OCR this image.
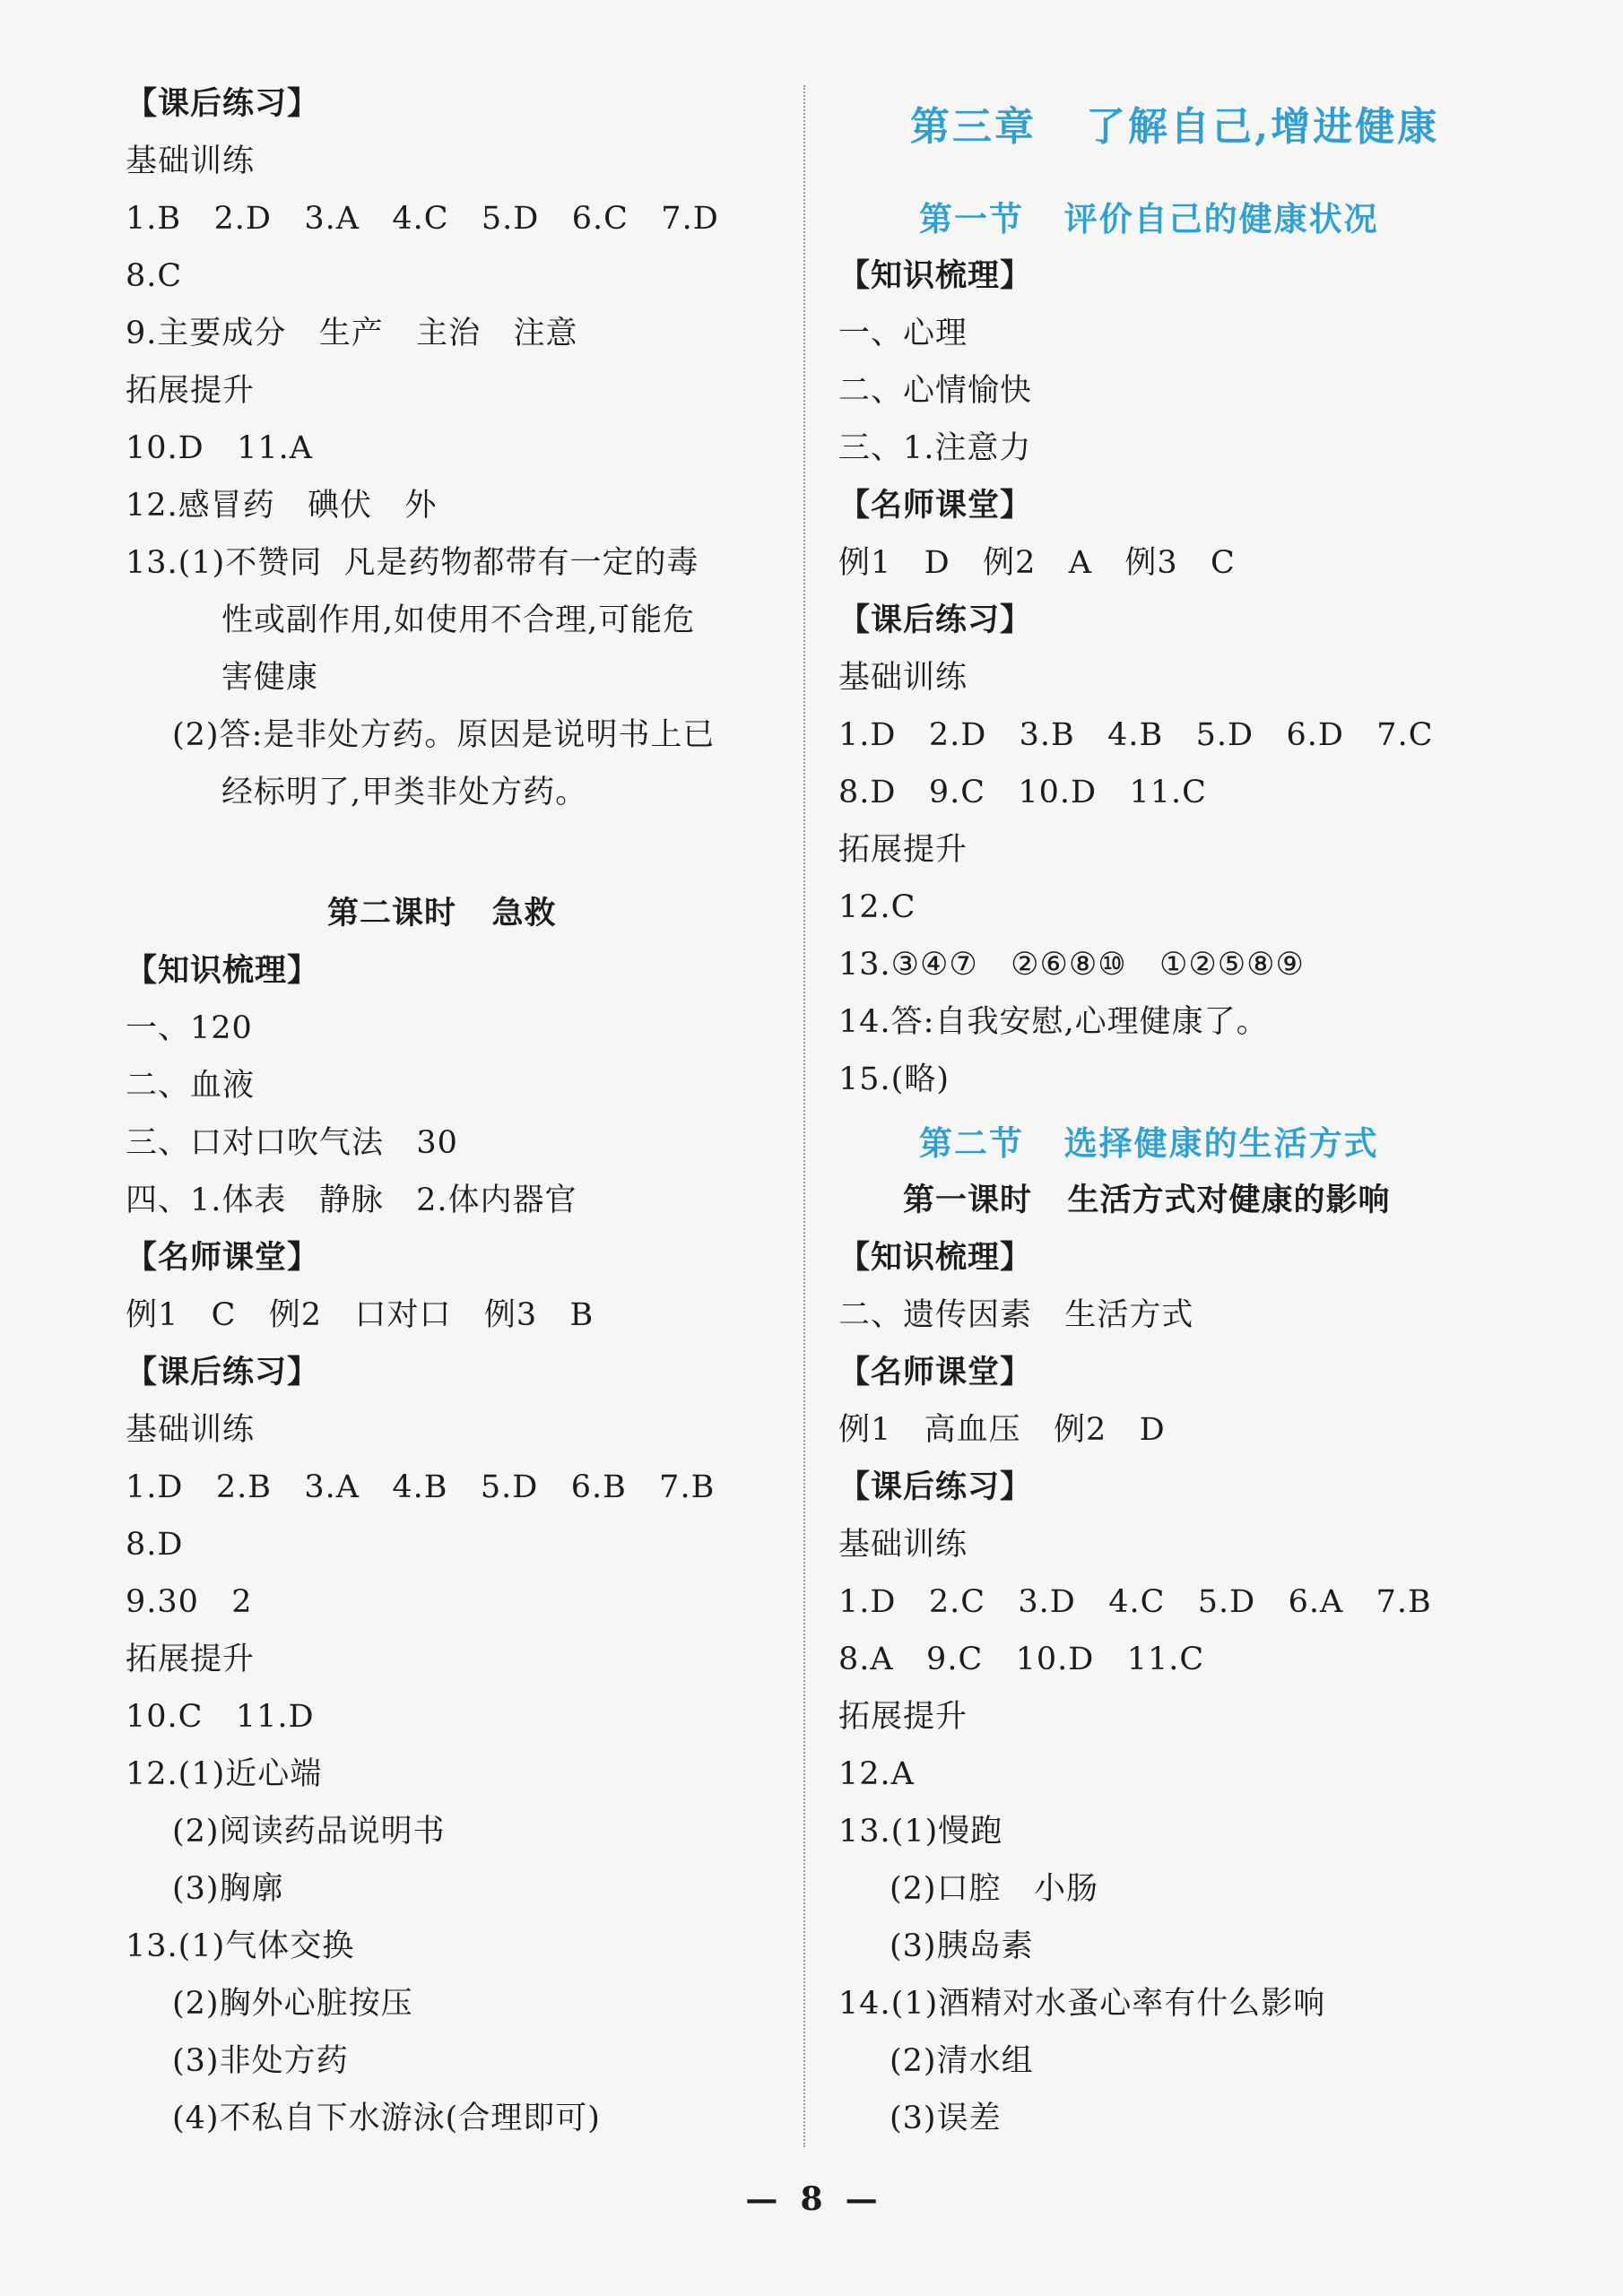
【课后练习】
基础训练
1.B   2.D   3.A   4.C   5.D   6.C   7.D
8.C
9.主要成分   生产   主治   注意
拓展提升
10.D   11.A
12.感冒药   碘伏   外
13.(1)不赞同  凡是药物都带有一定的毒
性或副作用,如使用不合理,可能危
害健康
(2)答:是非处方药。原因是说明书上已
经标明了,甲类非处方药。
第二课时   急救
【知识梳理】
一、120
二、血液
三、口对口吹气法   30
四、1.体表   静脉   2.体内器官
【名师课堂】
例1   C   例2   口对口   例3   B
【课后练习】
基础训练
1.D   2.B   3.A   4.B   5.D   6.B   7.B
8.D
9.30   2
拓展提升
10.C   11.D
12.(1)近心端
(2)阅读药品说明书
(3)胸廓
13.(1)气体交换
(2)胸外心脏按压
(3)非处方药
(4)不私自下水游泳(合理即可)
第三章   了解自己,增进健康
第一节   评价自己的健康状况
【知识梳理】
一、心理
二、心情愉快
三、1.注意力
【名师课堂】
例1   D   例2   A   例3   C
【课后练习】
基础训练
1.D   2.D   3.B   4.B   5.D   6.D   7.C
8.D   9.C   10.D   11.C
拓展提升
12.C
13.③④⑦   ②⑥⑧⑩   ①②⑤⑧⑨
14.答:自我安慰,心理健康了。
15.(略)
第二节   选择健康的生活方式
第一课时   生活方式对健康的影响
【知识梳理】
二、遗传因素   生活方式
【名师课堂】
例1   高血压   例2   D
【课后练习】
基础训练
1.D   2.C   3.D   4.C   5.D   6.A   7.B
8.A   9.C   10.D   11.C
拓展提升
12.A
13.(1)慢跑
(2)口腔   小肠
(3)胰岛素
14.(1)酒精对水蚤心率有什么影响
(2)清水组
(3)误差
—  8  —
